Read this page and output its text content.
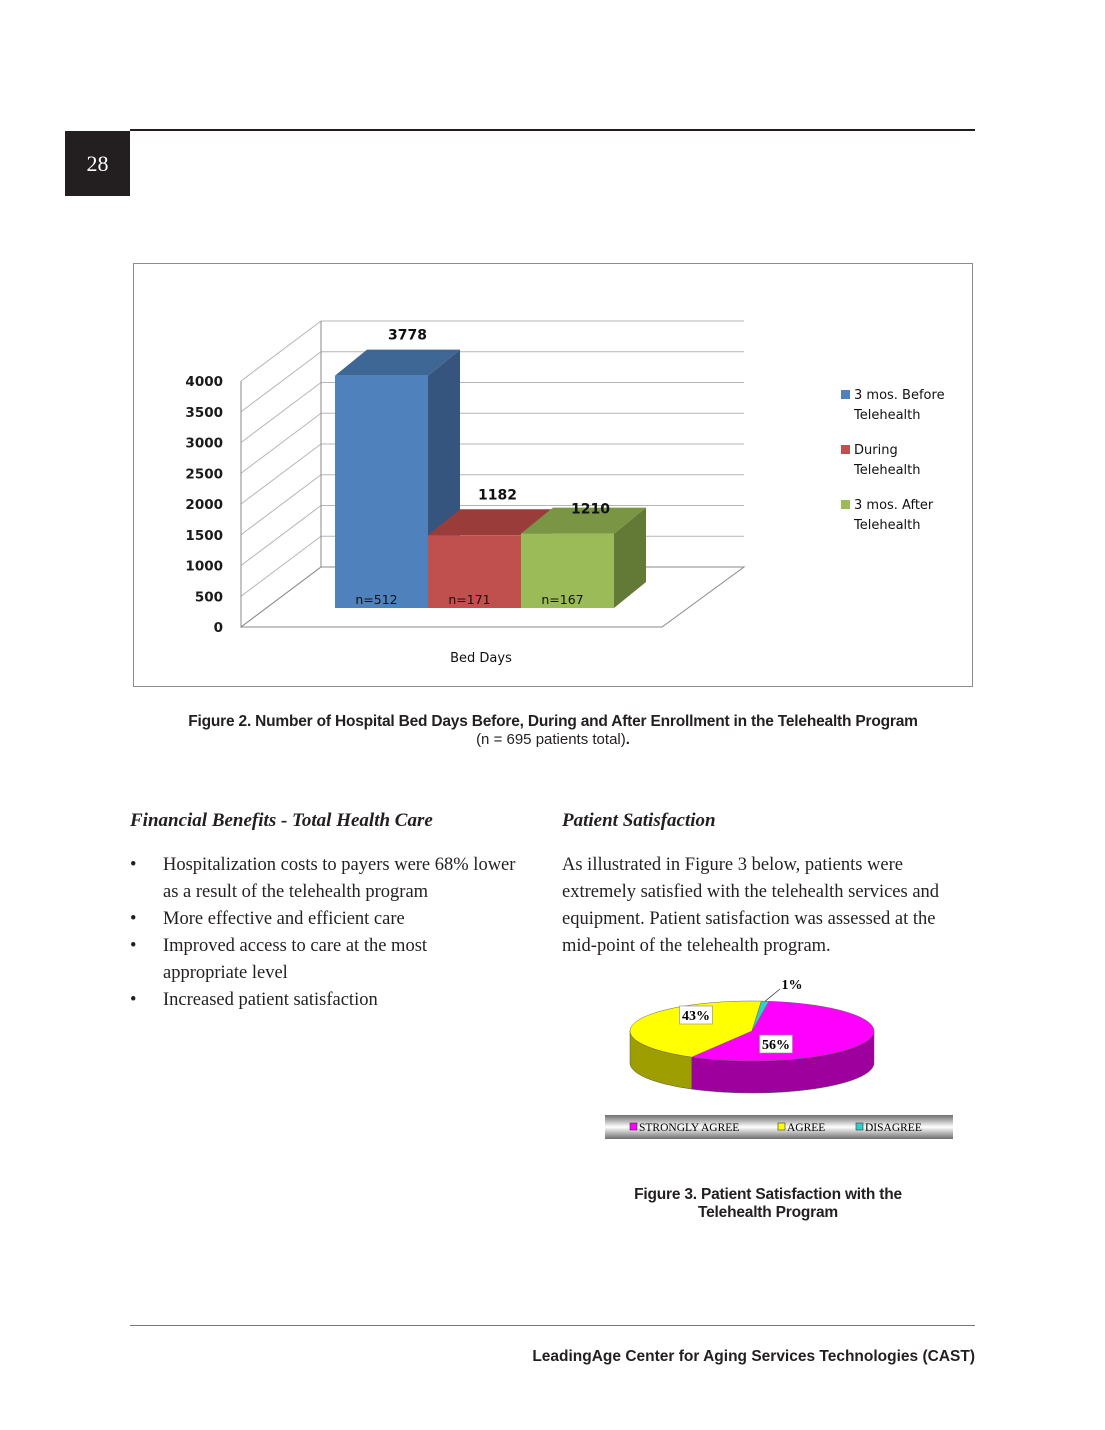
28
0
500
1000
1500
2000
2500
3000
3500
4000
3778
n=512
1182
n=171
1210
n=167
Bed Days
3 mos. Before
Telehealth
During
Telehealth
3 mos. After
Telehealth
Figure 2. Number of Hospital Bed Days Before, During and After Enrollment in the Telehealth Program
(n = 695 patients total).
Financial Benefits - Total Health Care
• Hospitalization costs to payers were 68% lower
as a result of the telehealth program
• More effective and efficient care
• Improved access to care at the most
appropriate level
• Increased patient satisfaction
Patient Satisfaction
As illustrated in Figure 3 below, patients were
extremely satisfied with the telehealth services and
equipment. Patient satisfaction was assessed at the
mid-point of the telehealth program.
56%
43%
1%
STRONGLY AGREE	AGREE	DISAGREE
Figure 3. Patient Satisfaction with the
Telehealth Program
LeadingAge Center for Aging Services Technologies (CAST)
